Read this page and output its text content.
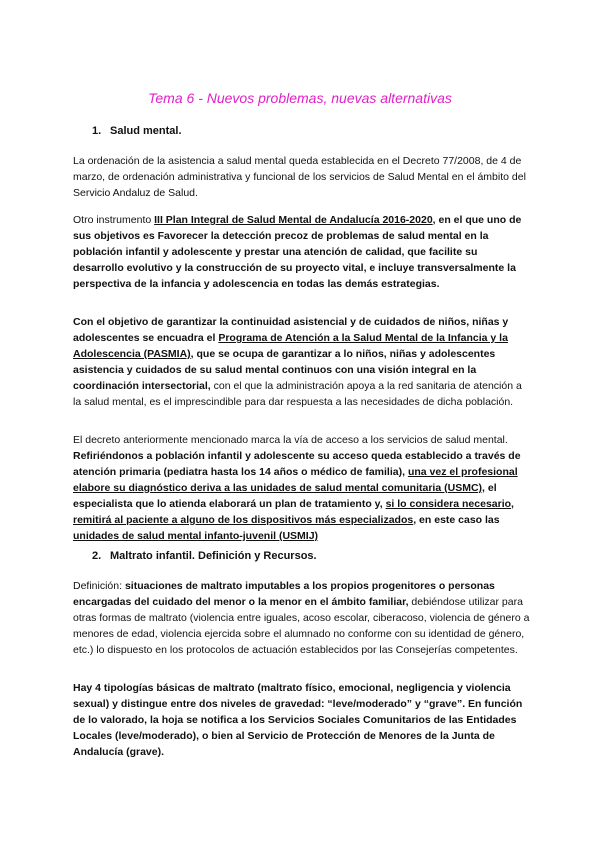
Tema 6 - Nuevos problemas, nuevas alternativas
1. Salud mental.
La ordenación de la asistencia a salud mental queda establecida en el Decreto 77/2008, de 4 de marzo, de ordenación administrativa y funcional de los servicios de Salud Mental en el ámbito del Servicio Andaluz de Salud.
Otro instrumento III Plan Integral de Salud Mental de Andalucía 2016-2020, en el que uno de sus objetivos es Favorecer la detección precoz de problemas de salud mental en la población infantil y adolescente y prestar una atención de calidad, que facilite su desarrollo evolutivo y la construcción de su proyecto vital, e incluye transversalmente la perspectiva de la infancia y adolescencia en todas las demás estrategias.
Con el objetivo de garantizar la continuidad asistencial y de cuidados de niños, niñas y adolescentes se encuadra el Programa de Atención a la Salud Mental de la Infancia y la Adolescencia (PASMIA), que se ocupa de garantizar a lo niños, niñas y adolescentes asistencia y cuidados de su salud mental continuos con una visión integral en la coordinación intersectorial, con el que la administración apoya a la red sanitaria de atención a la salud mental, es el imprescindible para dar respuesta a las necesidades de dicha población.
El decreto anteriormente mencionado marca la vía de acceso a los servicios de salud mental. Refiriéndonos a población infantil y adolescente su acceso queda establecido a través de atención primaria (pediatra hasta los 14 años o médico de familia), una vez el profesional elabore su diagnóstico deriva a las unidades de salud mental comunitaria (USMC), el especialista que lo atienda elaborará un plan de tratamiento y, si lo considera necesario, remitirá al paciente a alguno de los dispositivos más especializados, en este caso las unidades de salud mental infanto-juvenil (USMIJ)
2. Maltrato infantil. Definición y Recursos.
Definición: situaciones de maltrato imputables a los propios progenitores o personas encargadas del cuidado del menor o la menor en el ámbito familiar, debiéndose utilizar para otras formas de maltrato (violencia entre iguales, acoso escolar, ciberacoso, violencia de género a menores de edad, violencia ejercida sobre el alumnado no conforme con su identidad de género, etc.) lo dispuesto en los protocolos de actuación establecidos por las Consejerías competentes.
Hay 4 tipologías básicas de maltrato (maltrato físico, emocional, negligencia y violencia sexual) y distingue entre dos niveles de gravedad: “leve/moderado” y “grave”. En función de lo valorado, la hoja se notifica a los Servicios Sociales Comunitarios de las Entidades Locales (leve/moderado), o bien al Servicio de Protección de Menores de la Junta de Andalucía (grave).
